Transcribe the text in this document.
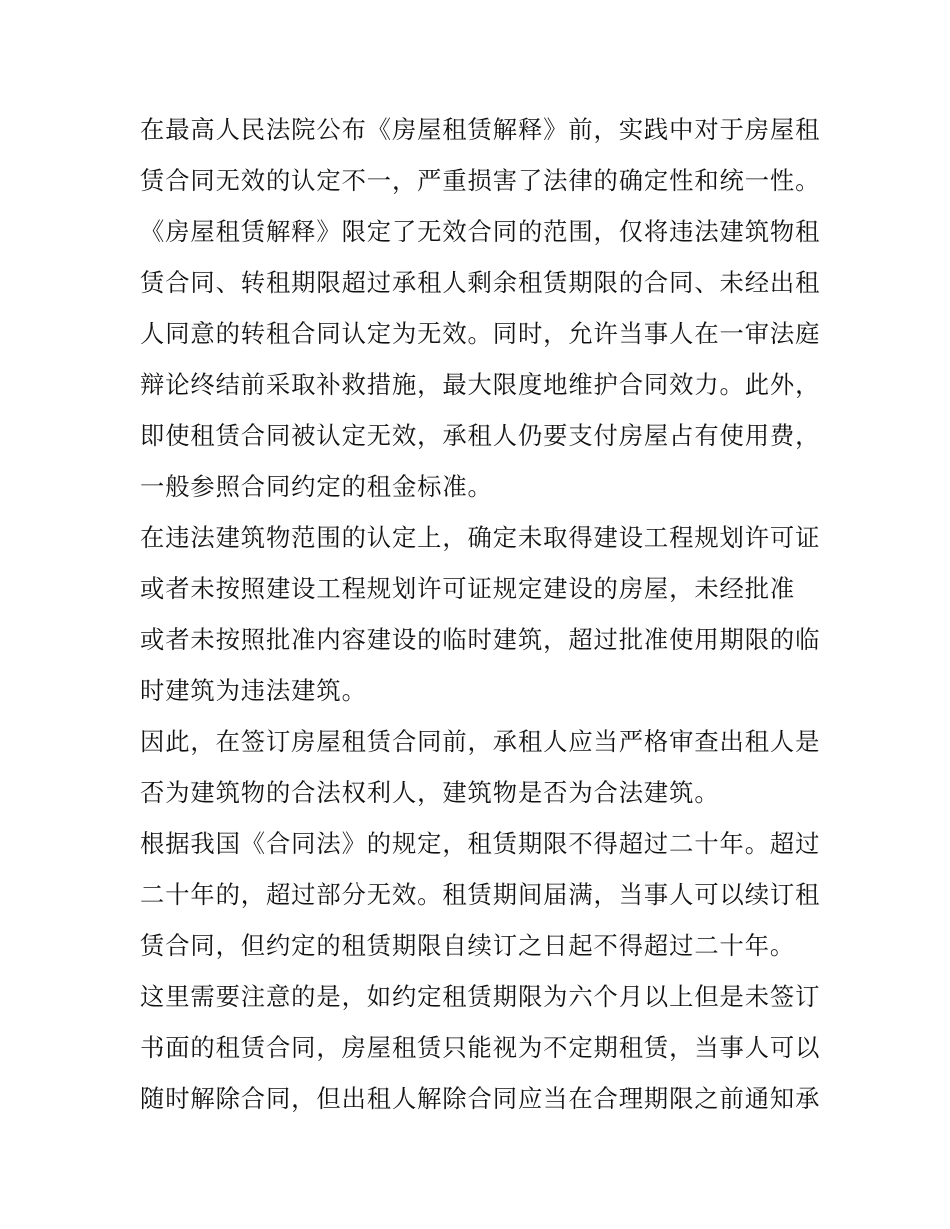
在最高人民法院公布《房屋租赁解释》前，实践中对于房屋租
赁合同无效的认定不一，严重损害了法律的确定性和统一性。
《房屋租赁解释》限定了无效合同的范围，仅将违法建筑物租
赁合同、转租期限超过承租人剩余租赁期限的合同、未经出租
人同意的转租合同认定为无效。同时，允许当事人在一审法庭
辩论终结前采取补救措施，最大限度地维护合同效力。此外，
即使租赁合同被认定无效，承租人仍要支付房屋占有使用费，
一般参照合同约定的租金标准。
在违法建筑物范围的认定上，确定未取得建设工程规划许可证
或者未按照建设工程规划许可证规定建设的房屋，未经批准
或者未按照批准内容建设的临时建筑，超过批准使用期限的临
时建筑为违法建筑。
因此，在签订房屋租赁合同前，承租人应当严格审查出租人是
否为建筑物的合法权利人，建筑物是否为合法建筑。
根据我国《合同法》的规定，租赁期限不得超过二十年。超过
二十年的，超过部分无效。租赁期间届满，当事人可以续订租
赁合同，但约定的租赁期限自续订之日起不得超过二十年。
这里需要注意的是，如约定租赁期限为六个月以上但是未签订
书面的租赁合同，房屋租赁只能视为不定期租赁，当事人可以
随时解除合同，但出租人解除合同应当在合理期限之前通知承
